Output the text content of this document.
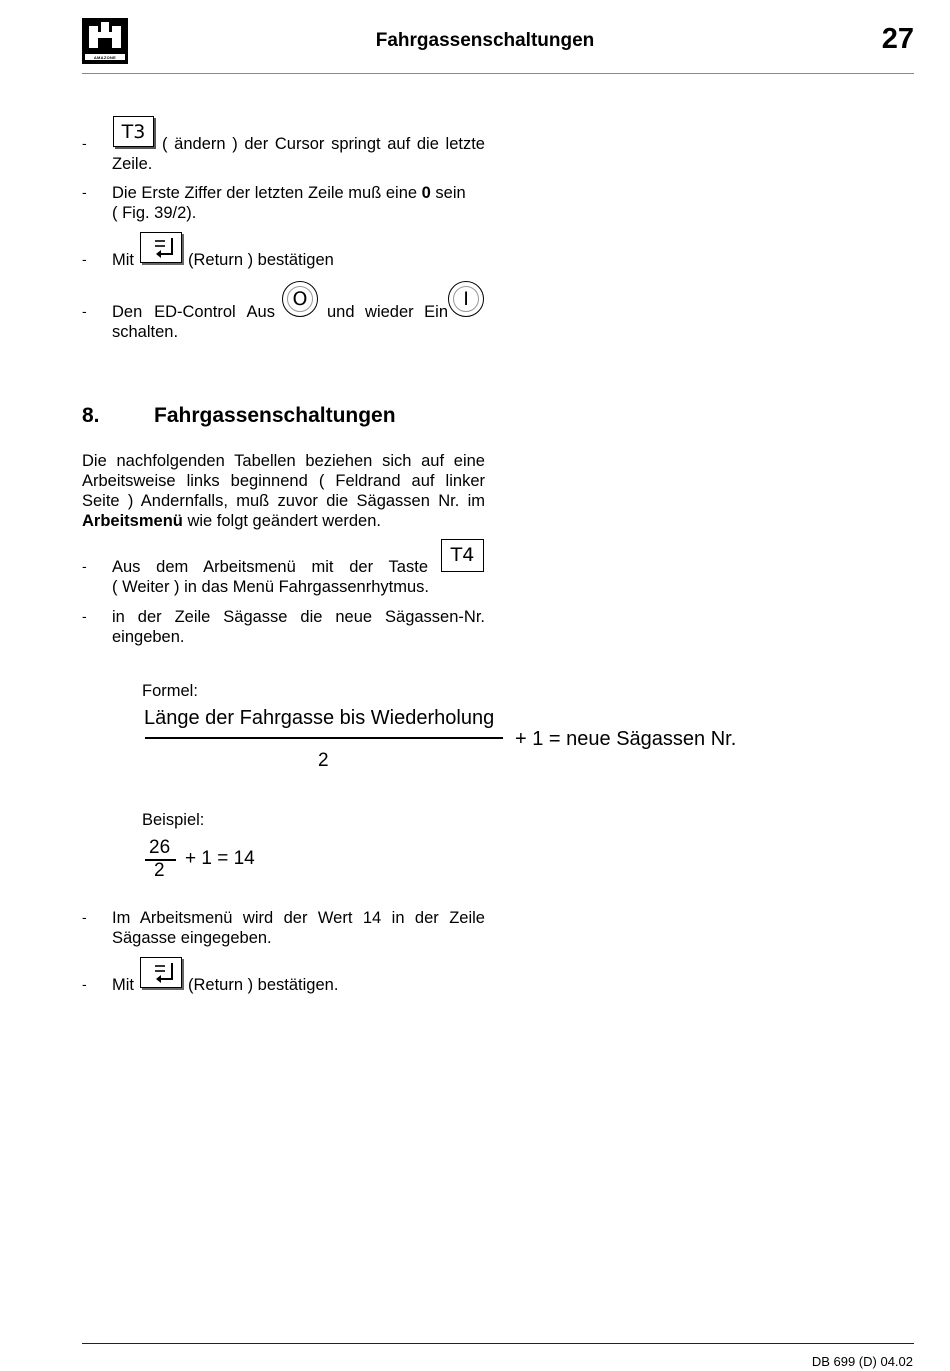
AMAZONE
Fahrgassenschaltungen	27
-	T3
( ändern ) der Cursor springt auf die letzte
Zeile.
- Die Erste Ziffer der letzten Zeile muß eine 0 sein
( Fig. 39/2).
- Mit	(Return ) bestätigen
- Den ED-Control Aus
O
und wieder Ein
I
schalten.
8.	Fahrgassenschaltungen
Die nachfolgenden Tabellen beziehen sich auf eine
Arbeitsweise links beginnend ( Feldrand auf linker
Seite ) Andernfalls, muß zuvor die Sägassen Nr. im
Arbeitsmenü wie folgt geändert werden.
- Aus dem Arbeitsmenü mit der Taste
T4
( Weiter ) in das Menü Fahrgassenrhytmus.
- in der Zeile Sägasse die neue Sägassen-Nr.
eingeben.
Formel:
Länge der Fahrgasse bis Wiederholung
2
+ 1 = neue Sägassen Nr.
Beispiel:
26
2
+ 1 = 14
- Im Arbeitsmenü wird der Wert 14 in der Zeile
Sägasse eingegeben.
- Mit	(Return ) bestätigen.
DB 699 (D) 04.02
